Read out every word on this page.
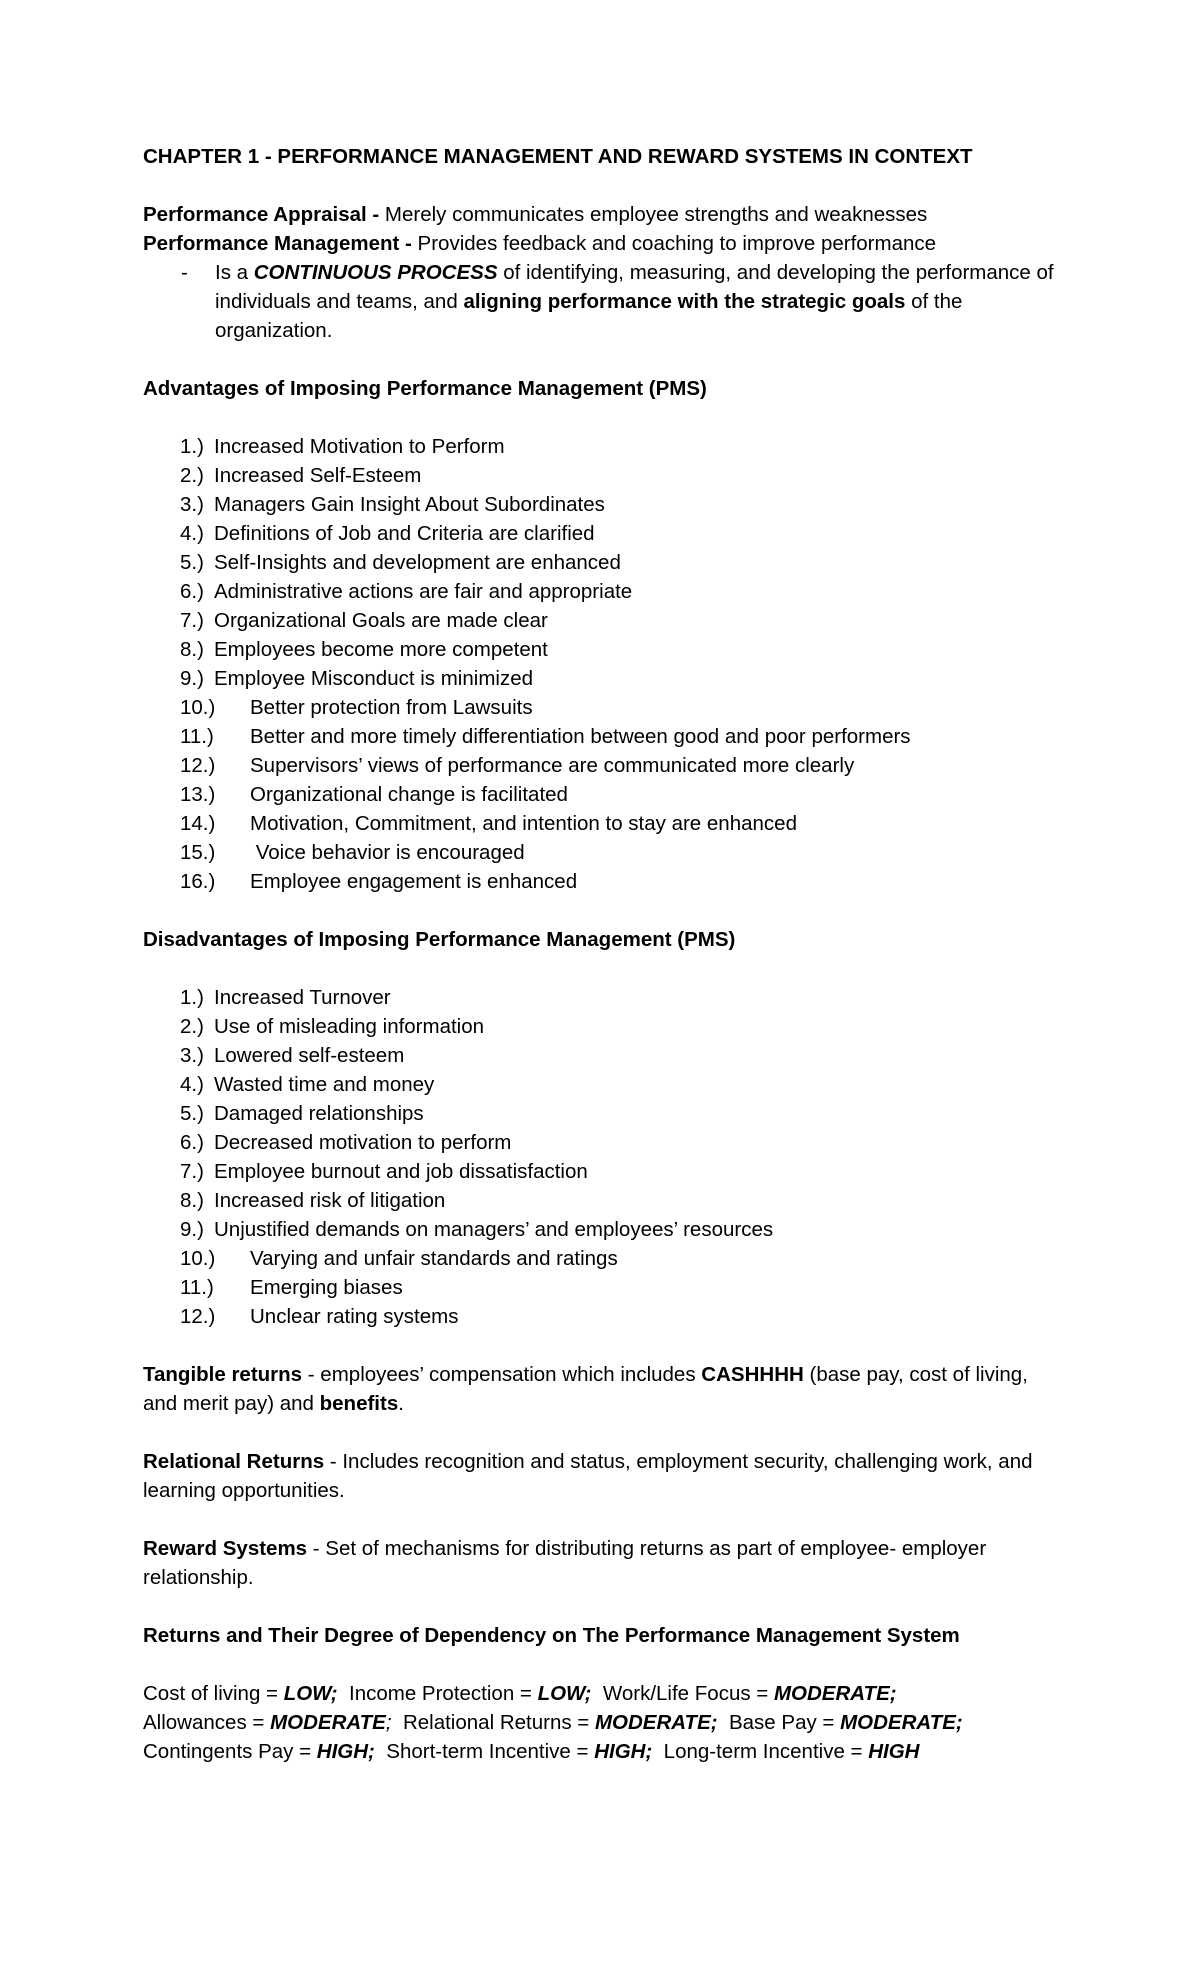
CHAPTER 1 - PERFORMANCE MANAGEMENT AND REWARD SYSTEMS IN CONTEXT

Performance Appraisal - Merely communicates employee strengths and weaknesses

Performance Management - Provides feedback and coaching to improve performance

-	Is a CONTINUOUS PROCESS of identifying, measuring, and developing the performance of individuals and teams, and aligning performance with the strategic goals of the organization.

Advantages of Imposing Performance Management (PMS)

1.) Increased Motivation to Perform
2.) Increased Self-Esteem
3.) Managers Gain Insight About Subordinates
4.) Definitions of Job and Criteria are clarified
5.) Self-Insights and development are enhanced
6.) Administrative actions are fair and appropriate
7.) Organizational Goals are made clear
8.) Employees become more competent
9.) Employee Misconduct is minimized
10.)	Better protection from Lawsuits
11.)	Better and more timely differentiation between good and poor performers
12.)	Supervisors’ views of performance are communicated more clearly
13.)	Organizational change is facilitated
14.)	Motivation, Commitment, and intention to stay are enhanced
15.)	Voice behavior is encouraged
16.)	Employee engagement is enhanced

Disadvantages of Imposing Performance Management (PMS)

1.) Increased Turnover
2.) Use of misleading information
3.) Lowered self-esteem
4.) Wasted time and money
5.) Damaged relationships
6.) Decreased motivation to perform
7.) Employee burnout and job dissatisfaction
8.) Increased risk of litigation
9.) Unjustified demands on managers’ and employees’ resources
10.)	Varying and unfair standards and ratings
11.)	Emerging biases
12.)	Unclear rating systems

Tangible returns - employees’ compensation which includes CASHHHH (base pay, cost of living, and merit pay) and benefits.

Relational Returns - Includes recognition and status, employment security, challenging work, and learning opportunities.

Reward Systems - Set of mechanisms for distributing returns as part of employee- employer relationship.

Returns and Their Degree of Dependency on The Performance Management System

Cost of living = LOW;  Income Protection = LOW;  Work/Life Focus = MODERATE;

Allowances = MODERATE;  Relational Returns = MODERATE;  Base Pay = MODERATE;

Contingents Pay = HIGH;  Short-term Incentive = HIGH;  Long-term Incentive = HIGH
